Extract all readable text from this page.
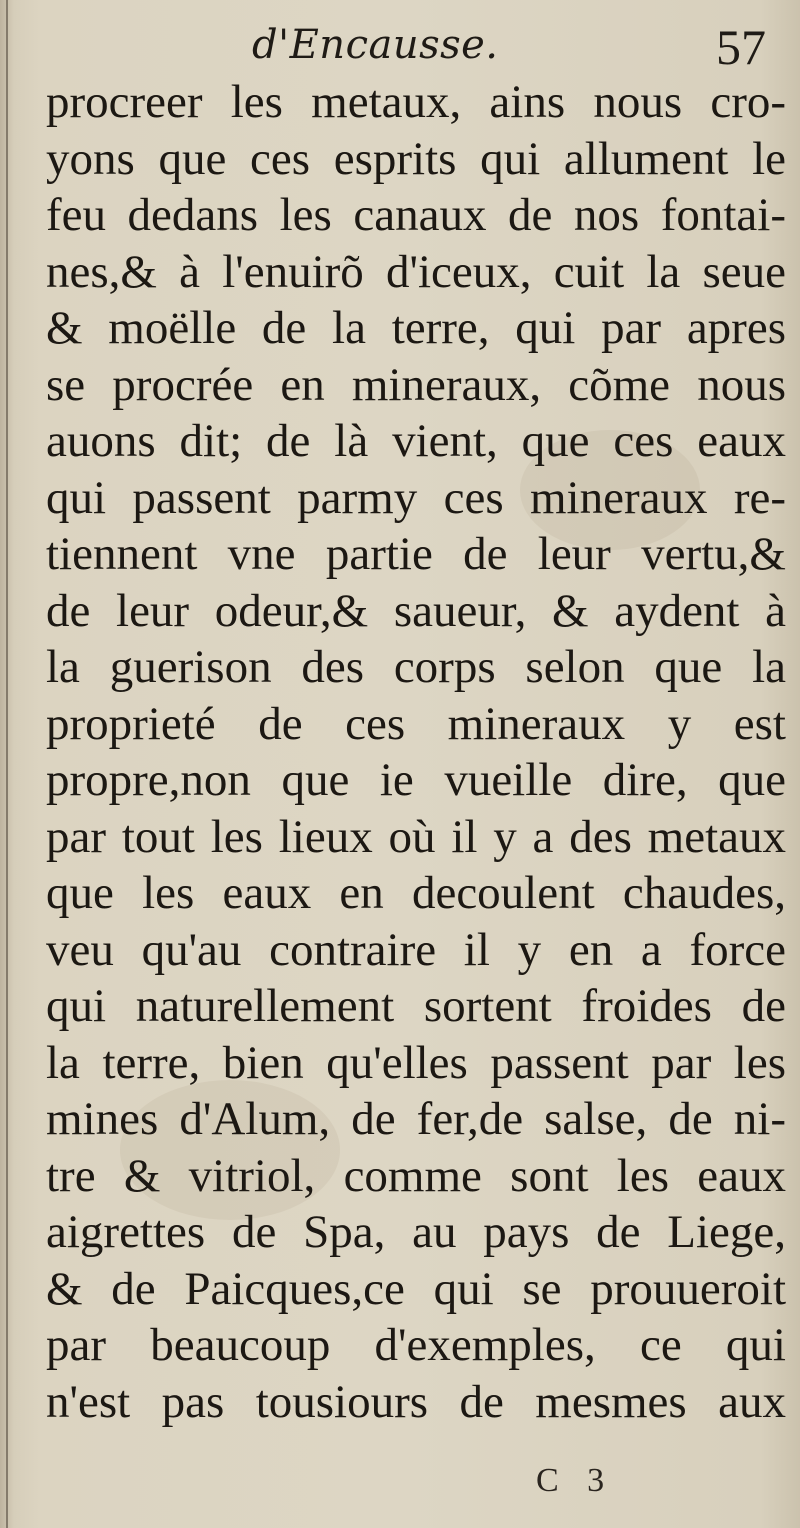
d'Encausse.	57
procreer les metaux, ains nous cro-
yons que ces esprits qui allument le
feu dedans les canaux de nos fontai-
nes,& à l'enuirõ d'iceux, cuit la seue
& moëlle de la terre, qui par apres
se procrée en mineraux, cõme nous
auons dit; de là vient, que ces eaux
qui passent parmy ces mineraux re-
tiennent vne partie de leur vertu,&
de leur odeur,& saueur, & aydent à
la guerison des corps selon que la
proprieté de ces mineraux y est
propre,non que ie vueille dire, que
par tout les lieux où il y a des metaux
que les eaux en decoulent chaudes,
veu qu'au contraire il y en a force
qui naturellement sortent froides de
la terre, bien qu'elles passent par les
mines d'Alum, de fer,de salse, de ni-
tre & vitriol, comme sont les eaux
aigrettes de Spa, au pays de Liege,
& de Paicques,ce qui se prouueroit
par beaucoup d'exemples, ce qui
n'est pas tousiours de mesmes aux
C 3
